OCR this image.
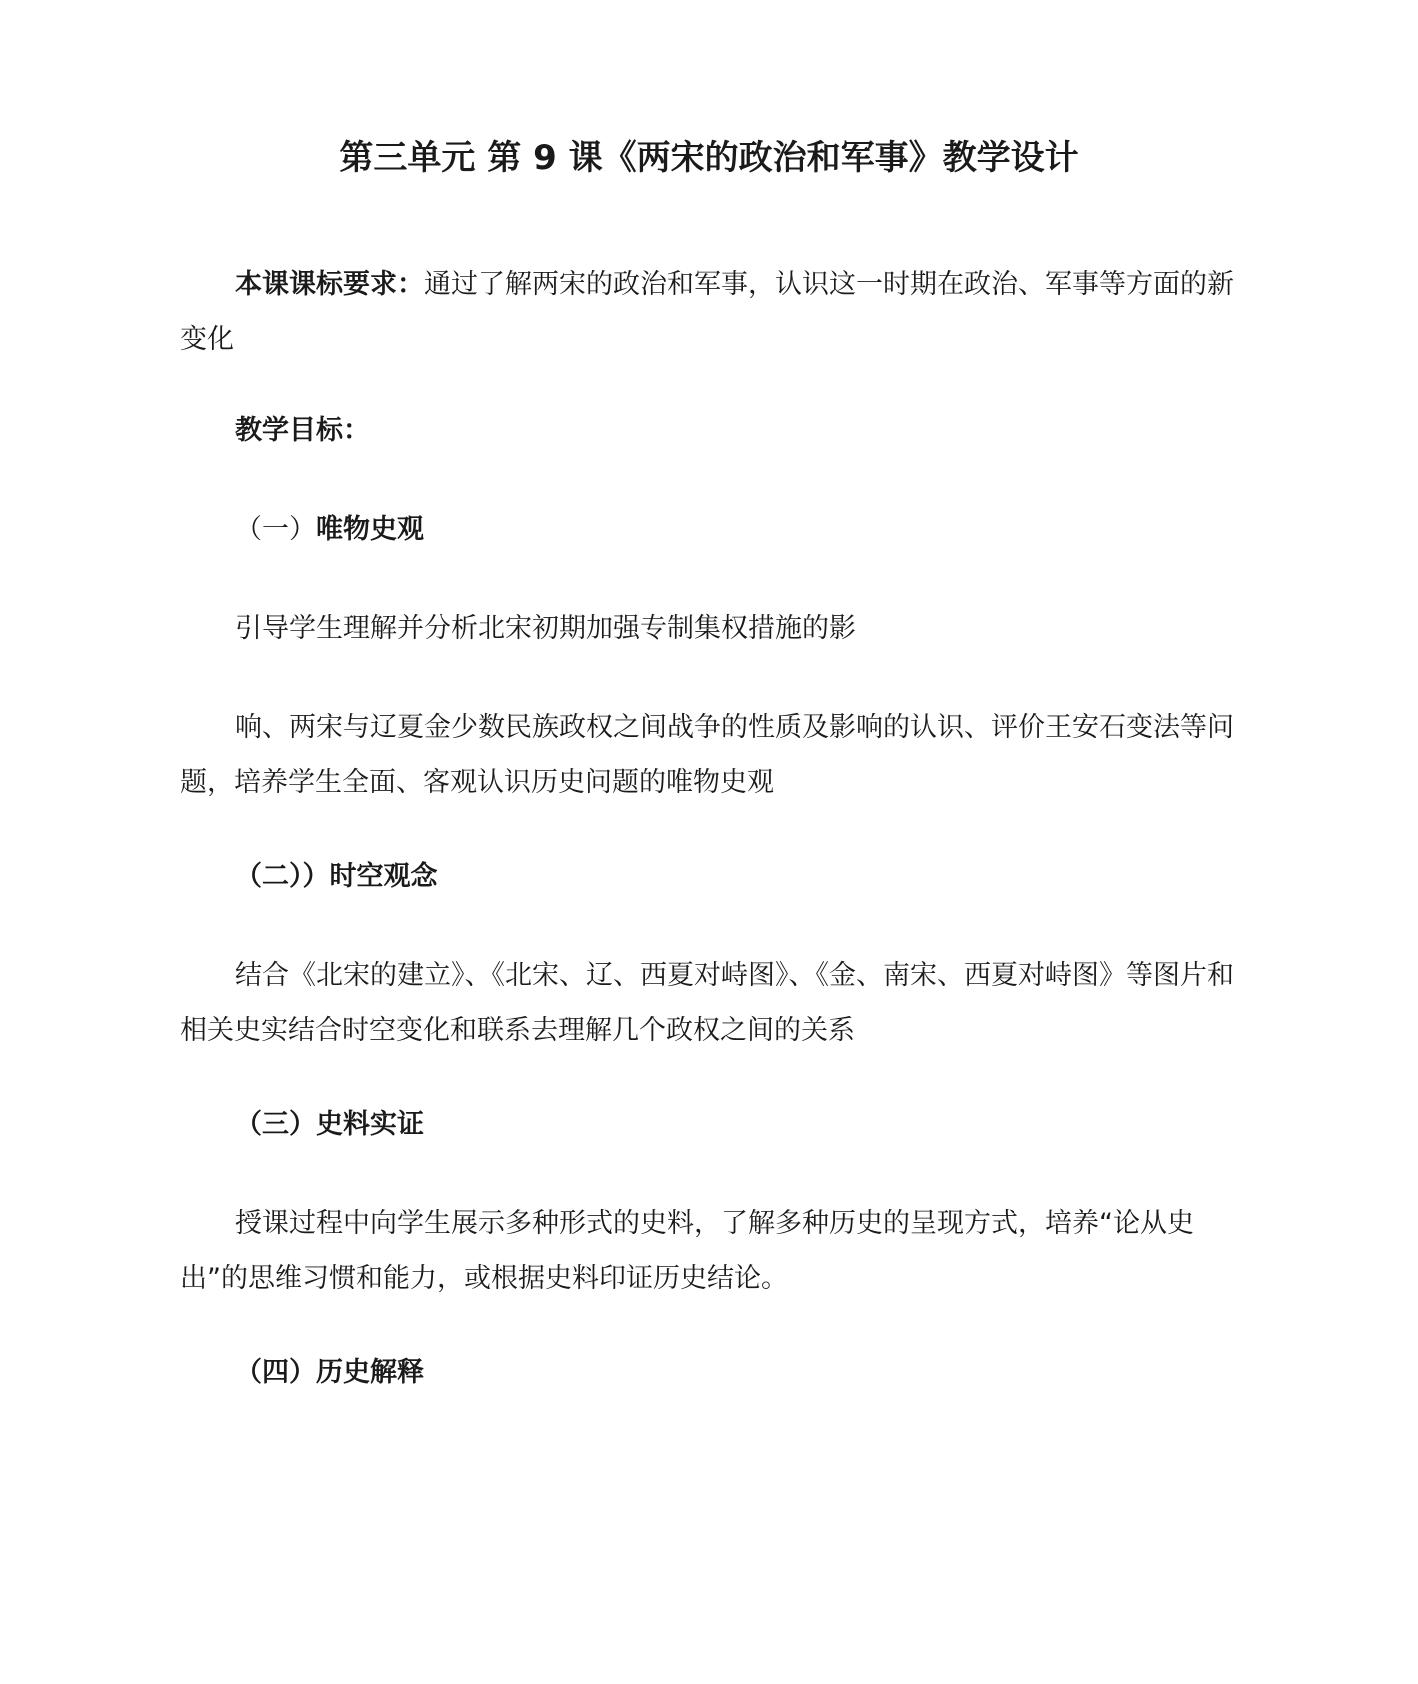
第三单元 第 9 课《两宋的政治和军事》教学设计

本课课标要求：通过了解两宋的政治和军事，认识这一时期在政治、军事等方面的新变化

教学目标：

（一）唯物史观

引导学生理解并分析北宋初期加强专制集权措施的影

响、两宋与辽夏金少数民族政权之间战争的性质及影响的认识、评价王安石变法等问题，培养学生全面、客观认识历史问题的唯物史观

（二））时空观念

结合《北宋的建立》、《北宋、辽、西夏对峙图》、《金、南宋、西夏对峙图》等图片和相关史实结合时空变化和联系去理解几个政权之间的关系

（三）史料实证

授课过程中向学生展示多种形式的史料，了解多种历史的呈现方式，培养“论从史出”的思维习惯和能力，或根据史料印证历史结论。

（四）历史解释
